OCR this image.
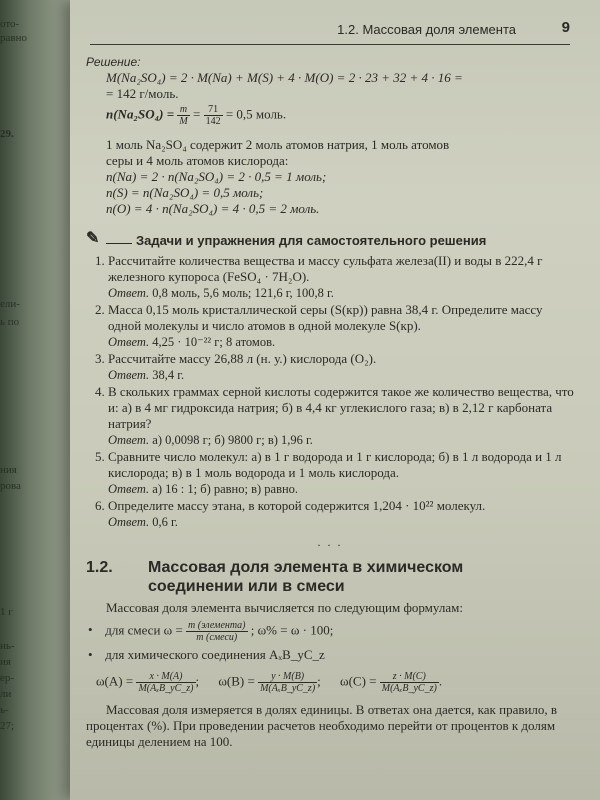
ото-
равно
29.
ели-
ь по
ния
рова
1 г
нь-
ия
ер-
ли
ь-
27;
1.2. Массовая доля элемента	9
Решение:
M(Na₂SO₄) = 2 · M(Na) + M(S) + 4 · M(O) = 2 · 23 + 32 + 4 · 16 =
= 142 г/моль.
$n(Na_2SO_4) = \frac{m}{M} = \frac{71}{142} = 0,5$ моль.
1 моль Na₂SO₄ содержит 2 моль атомов натрия, 1 моль атомов
серы и 4 моль атомов кислорода:
n(Na) = 2 · n(Na₂SO₄) = 2 · 0,5 = 1 моль;
n(S) = n(Na₂SO₄) = 0,5 моль;
n(O) = 4 · n(Na₂SO₄) = 4 · 0,5 = 2 моль.
✎	Задачи и упражнения для самостоятельного решения
1. Рассчитайте количества вещества и массу сульфата железа(II) и воды в 222,4 г железного купороса (FeSO₄ · 7H₂O).
Ответ. 0,8 моль, 5,6 моль; 121,6 г, 100,8 г.
2. Масса 0,15 моль кристаллической серы (S(кр)) равна 38,4 г. Определите массу одной молекулы и число атомов в одной молекуле S(кр).
Ответ. 4,25 · 10⁻²² г; 8 атомов.
3. Рассчитайте массу 26,88 л (н. у.) кислорода (O₂).
Ответ. 38,4 г.
4. В скольких граммах серной кислоты содержится такое же количество вещества, что и: а) в 4 мг гидроксида натрия; б) в 4,4 кг углекислого газа; в) в 2,12 г карбоната натрия?
Ответ. а) 0,0098 г; б) 9800 г; в) 1,96 г.
5. Сравните число молекул: а) в 1 г водорода и 1 г кислорода; б) в 1 л водорода и 1 л кислорода; в) в 1 моль водорода и 1 моль кислорода.
Ответ. а) 16 : 1; б) равно; в) равно.
6. Определите массу этана, в которой содержится 1,204 · 10²² молекул.
Ответ. 0,6 г.
. . .
1.2. Массовая доля элемента в химическом
соединении или в смеси
Массовая доля элемента вычисляется по следующим формулам:
• для смеси $\omega = \frac{\text{m (элемента)}}{\text{m (смеси)}}$ ; ω% = ω · 100;
• для химического соединения AₓB_yC_z
$\omega(A) = \frac{x \cdot M(A)}{\text{M(AₓB\_yC\_z)}}$ ; $\omega(B) = \frac{y \cdot M(B)}{\text{M(AₓB\_yC\_z)}}$ ; $\omega(C) = \frac{z \cdot M(C)}{\text{M(AₓB\_yC\_z)}}$ .
Массовая доля измеряется в долях единицы. В ответах она дается, как правило, в процентах (%). При проведении расчетов необходимо перейти от процентов к долям единицы делением на 100.
